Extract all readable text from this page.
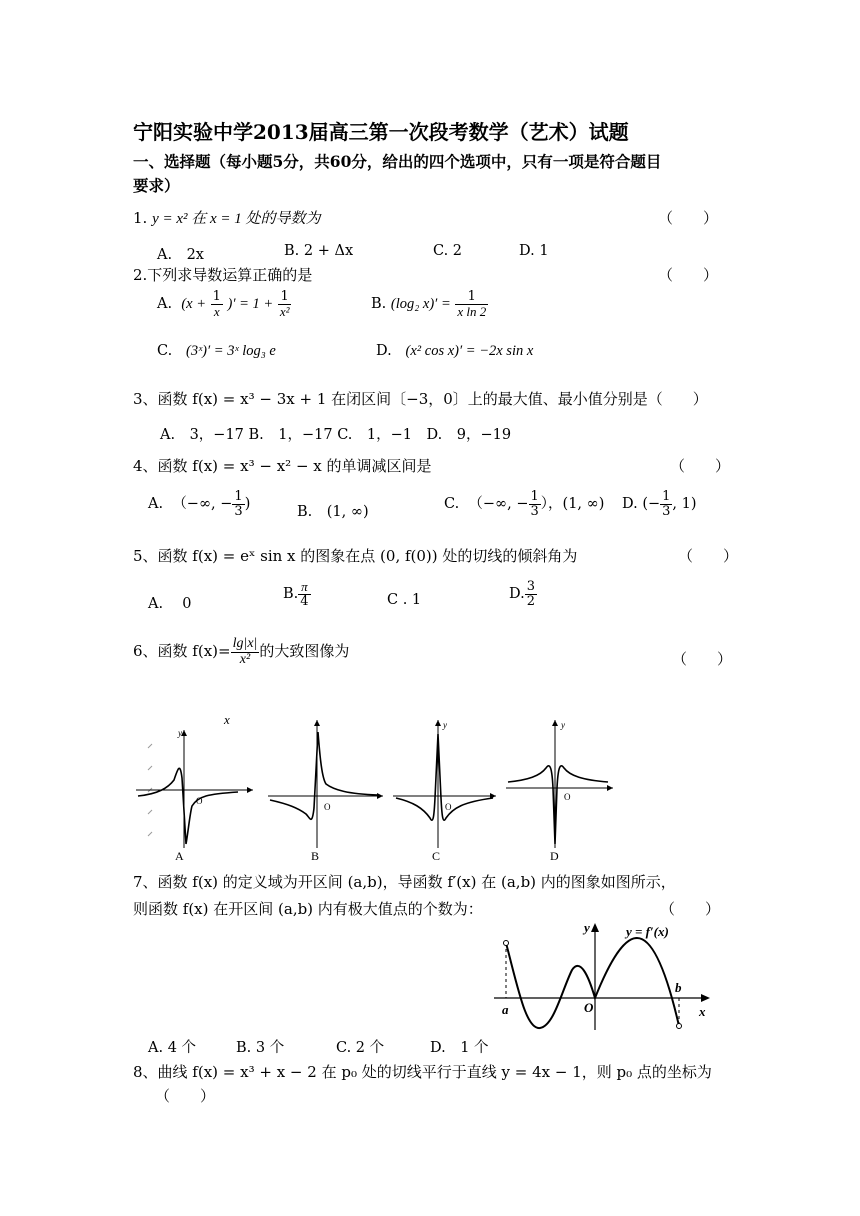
宁阳实验中学2013届高三第一次段考数学（艺术）试题
一、选择题（每小题5分，共60分，给出的四个选项中，只有一项是符合题目
要求）
1. y = x² 在 x = 1 处的导数为	（　　）
A.　2x	B. 2 + Δx	C. 2	D. 1
2.下列求导数运算正确的是	（　　）
A. ($x + \frac{1}{x}$ )′ = $1 + \frac{1}{\text{x²}}$	B. (log₂ $x)' = \frac{1}{\text{x ln 2}}$
C. (3ˣ)′ = 3ˣ log₃ e	D. (x² cos x)′ = −2x sin x
3、函数 f(x) = x³ − 3x + 1 在闭区间〔−3，0〕上的最大值、最小值分别是（　　）
A.　3，−17 B.　1，−17 C.　1，−1　D.　9，−19
4、函数 f(x) = x³ − x² − x 的单调减区间是	（　　）
A. （−∞, − $\frac{1}{3}$ )	B.　(1, ∞)	C. （−∞, − $\frac{1}{3}$ ），(1, ∞) D. (− $\frac{1}{3}$ , 1)
5、函数 f(x) = eˣ sin x 的图象在点 (0, f(0)) 处的切线的倾斜角为	（　　）
A.　 0
B. $\frac{\pi}{4}$	C . 1	D. $\frac{3}{2}$
6、函数 $f(x)= \frac{\lg|x|}{\text{x²}}$ 的大致图像为	（　　）
x
y
O
A
O
B
y
O
C
y
O
D
7、函数 f(x) 的定义域为开区间 (a,b)，导函数 f′(x) 在 (a,b) 内的图象如图所示，
则函数 f(x) 在开区间 (a,b) 内有极大值点的个数为：	（　　）
y	y = f′(x)
a	O
b
x
A. 4 个	B. 3 个	C. 2 个	D.　1 个
8、曲线 f(x) = x³ + x − 2 在 p₀ 处的切线平行于直线 y = 4x − 1，则 p₀ 点的坐标为
（　　）
